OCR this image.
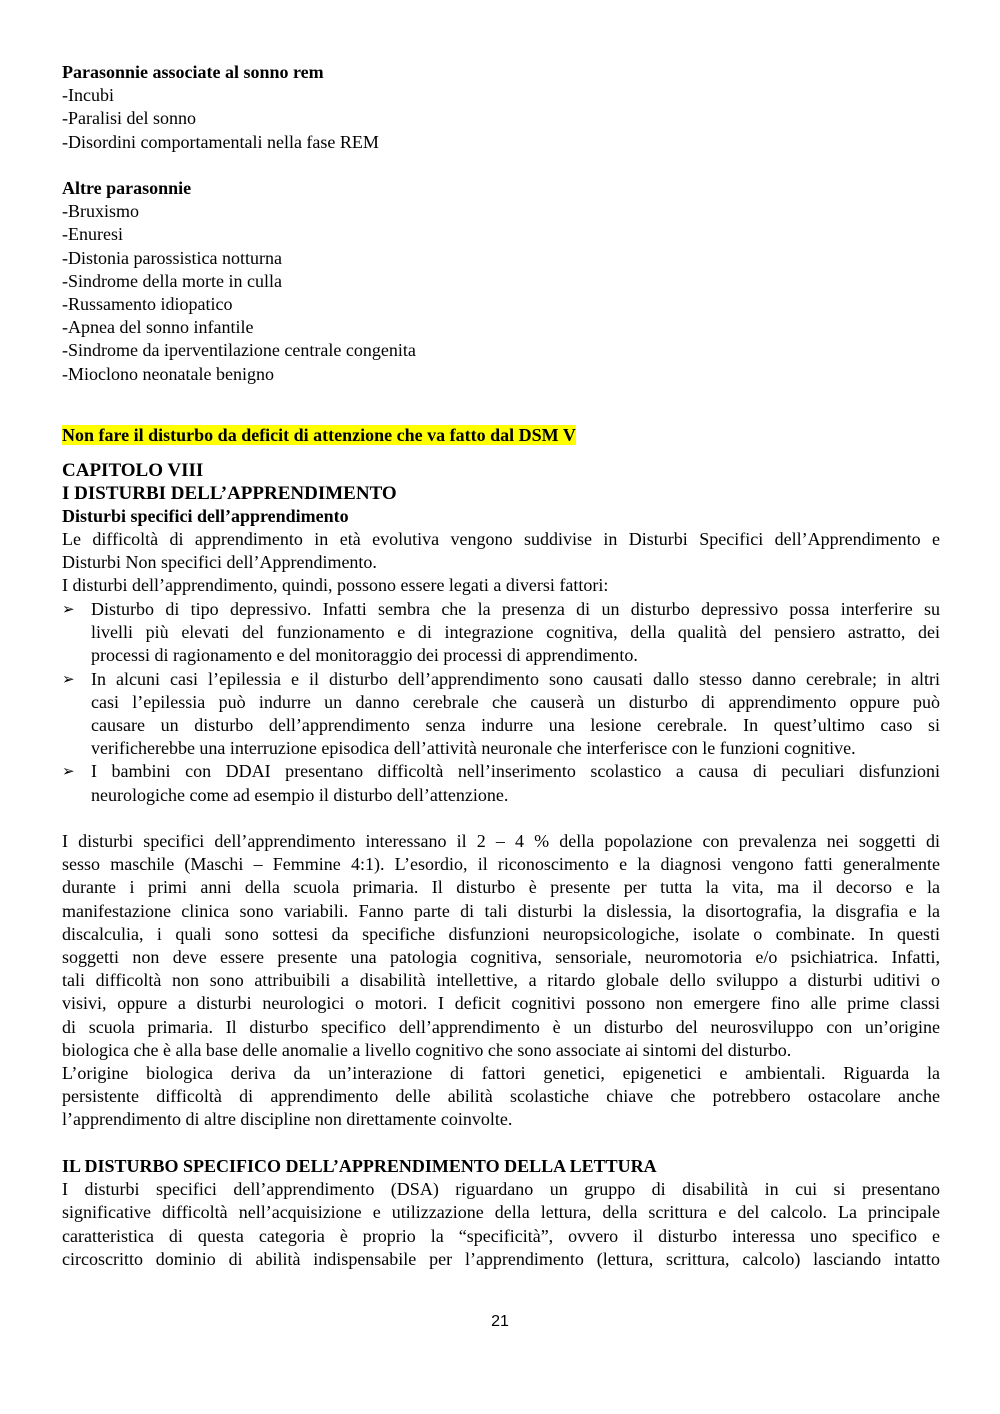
Parasonnie associate al sonno rem
-Incubi
-Paralisi del sonno
-Disordini comportamentali nella fase REM
Altre parasonnie
-Bruxismo
-Enuresi
-Distonia parossistica notturna
-Sindrome della morte in culla
-Russamento idiopatico
-Apnea del sonno infantile
-Sindrome da iperventilazione centrale congenita
-Mioclono neonatale benigno
Non fare il disturbo da deficit di attenzione che va fatto dal DSM V
CAPITOLO VIII
I DISTURBI DELL’APPRENDIMENTO
Disturbi specifici dell’apprendimento
Le difficoltà di apprendimento in età evolutiva vengono suddivise in Disturbi Specifici dell’Apprendimento e
Disturbi Non specifici dell’Apprendimento.
I disturbi dell’apprendimento, quindi, possono essere legati a diversi fattori:
➢ Disturbo di tipo depressivo. Infatti sembra che la presenza di un disturbo depressivo possa interferire su
livelli più elevati del funzionamento e di integrazione cognitiva, della qualità del pensiero astratto, dei
processi di ragionamento e del monitoraggio dei processi di apprendimento.
➢ In alcuni casi l’epilessia e il disturbo dell’apprendimento sono causati dallo stesso danno cerebrale; in altri
casi l’epilessia può indurre un danno cerebrale che causerà un disturbo di apprendimento oppure può
causare un disturbo dell’apprendimento senza indurre una lesione cerebrale. In quest’ultimo caso si
verificherebbe una interruzione episodica dell’attività neuronale che interferisce con le funzioni cognitive.
➢ I bambini con DDAI presentano difficoltà nell’inserimento scolastico a causa di peculiari disfunzioni
neurologiche come ad esempio il disturbo dell’attenzione.
I disturbi specifici dell’apprendimento interessano il 2 – 4 % della popolazione con prevalenza nei soggetti di
sesso maschile (Maschi – Femmine 4:1). L’esordio, il riconoscimento e la diagnosi vengono fatti generalmente
durante i primi anni della scuola primaria. Il disturbo è presente per tutta la vita, ma il decorso e la
manifestazione clinica sono variabili. Fanno parte di tali disturbi la dislessia, la disortografia, la disgrafia e la
discalculia, i quali sono sottesi da specifiche disfunzioni neuropsicologiche, isolate o combinate. In questi
soggetti non deve essere presente una patologia cognitiva, sensoriale, neuromotoria e/o psichiatrica. Infatti,
tali difficoltà non sono attribuibili a disabilità intellettive, a ritardo globale dello sviluppo a disturbi uditivi o
visivi, oppure a disturbi neurologici o motori. I deficit cognitivi possono non emergere fino alle prime classi
di scuola primaria. Il disturbo specifico dell’apprendimento è un disturbo del neurosviluppo con un’origine
biologica che è alla base delle anomalie a livello cognitivo che sono associate ai sintomi del disturbo.
L’origine biologica deriva da un’interazione di fattori genetici, epigenetici e ambientali. Riguarda la
persistente difficoltà di apprendimento delle abilità scolastiche chiave che potrebbero ostacolare anche
l’apprendimento di altre discipline non direttamente coinvolte.
IL DISTURBO SPECIFICO DELL’APPRENDIMENTO DELLA LETTURA
I disturbi specifici dell’apprendimento (DSA) riguardano un gruppo di disabilità in cui si presentano
significative difficoltà nell’acquisizione e utilizzazione della lettura, della scrittura e del calcolo. La principale
caratteristica di questa categoria è proprio la “specificità”, ovvero il disturbo interessa uno specifico e
circoscritto dominio di abilità indispensabile per l’apprendimento (lettura, scrittura, calcolo) lasciando intatto
21
